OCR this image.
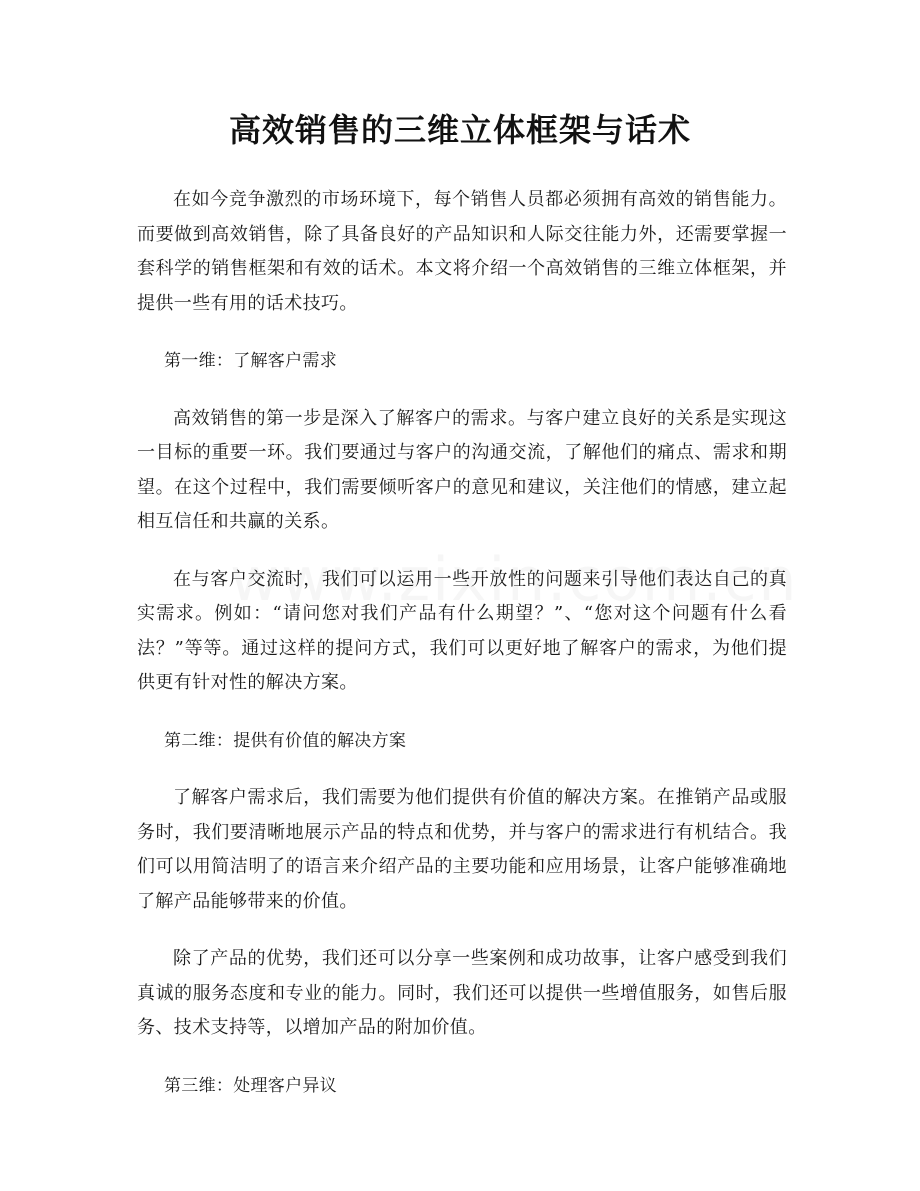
高效销售的三维立体框架与话术

在如今竞争激烈的市场环境下，每个销售人员都必须拥有高效的销售能力。而要做到高效销售，除了具备良好的产品知识和人际交往能力外，还需要掌握一套科学的销售框架和有效的话术。本文将介绍一个高效销售的三维立体框架，并提供一些有用的话术技巧。

第一维：了解客户需求

高效销售的第一步是深入了解客户的需求。与客户建立良好的关系是实现这一目标的重要一环。我们要通过与客户的沟通交流，了解他们的痛点、需求和期望。在这个过程中，我们需要倾听客户的意见和建议，关注他们的情感，建立起相互信任和共赢的关系。

在与客户交流时，我们可以运用一些开放性的问题来引导他们表达自己的真实需求。例如：“请问您对我们产品有什么期望？”、“您对这个问题有什么看法？”等等。通过这样的提问方式，我们可以更好地了解客户的需求，为他们提供更有针对性的解决方案。

第二维：提供有价值的解决方案

了解客户需求后，我们需要为他们提供有价值的解决方案。在推销产品或服务时，我们要清晰地展示产品的特点和优势，并与客户的需求进行有机结合。我们可以用简洁明了的语言来介绍产品的主要功能和应用场景，让客户能够准确地了解产品能够带来的价值。

除了产品的优势，我们还可以分享一些案例和成功故事，让客户感受到我们真诚的服务态度和专业的能力。同时，我们还可以提供一些增值服务，如售后服务、技术支持等，以增加产品的附加价值。

第三维：处理客户异议
